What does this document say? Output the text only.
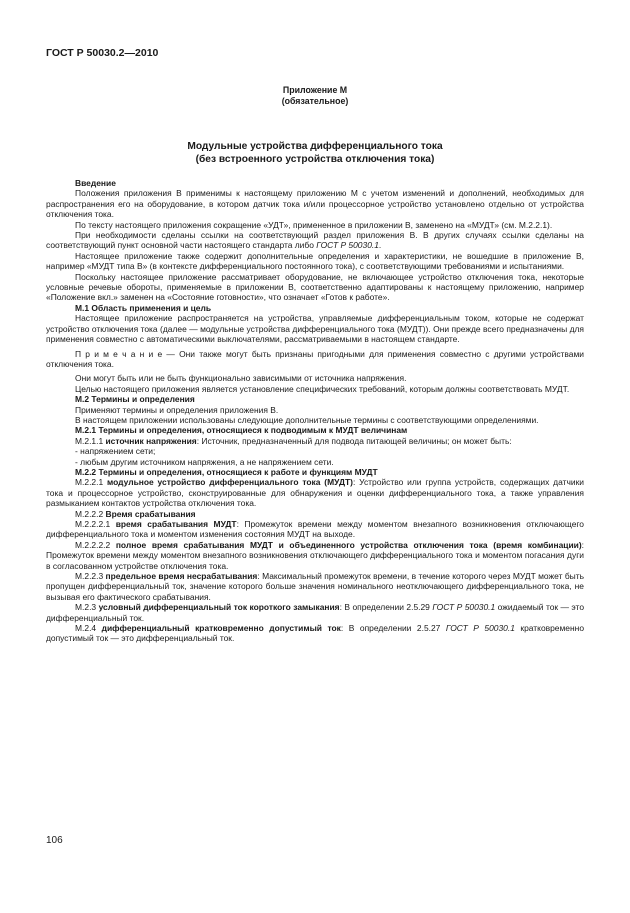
ГОСТ Р 50030.2—2010
Приложение М
(обязательное)
Модульные устройства дифференциального тока
(без встроенного устройства отключения тока)

Введение

Положения приложения В применимы к настоящему приложению М с учетом изменений и дополнений, необходимых для распространения его на оборудование, в котором датчик тока и/или процессорное устройство установлено отдельно от устройства отключения тока.

По тексту настоящего приложения сокращение «УДТ», примененное в приложении В, заменено на «МУДТ» (см. М.2.2.1).

При необходимости сделаны ссылки на соответствующий раздел приложения В. В других случаях ссылки сделаны на соответствующий пункт основной части настоящего стандарта либо ГОСТ Р 50030.1.

Настоящее приложение также содержит дополнительные определения и характеристики, не вошедшие в приложение В, например «МУДТ типа В» (в контексте дифференциального постоянного тока), с соответствующими требованиями и испытаниями.

Поскольку настоящее приложение рассматривает оборудование, не включающее устройство отключения тока, некоторые условные речевые обороты, применяемые в приложении В, соответственно адаптированы к настоящему приложению, например «Положение вкл.» заменен на «Состояние готовности», что означает «Готов к работе».

М.1 Область применения и цель

Настоящее приложение распространяется на устройства, управляемые дифференциальным током, которые не содержат устройство отключения тока (далее — модульные устройства дифференциального тока (МУДТ)). Они прежде всего предназначены для применения совместно с автоматическими выключателями, рассматриваемыми в настоящем стандарте.

П р и м е ч а н и е — Они также могут быть признаны пригодными для применения совместно с другими устройствами отключения тока.

Они могут быть или не быть функционально зависимыми от источника напряжения.

Целью настоящего приложения является установление специфических требований, которым должны соответствовать МУДТ.

М.2 Термины и определения

Применяют термины и определения приложения В.

В настоящем приложении использованы следующие дополнительные термины с соответствующими определениями.

М.2.1 Термины и определения, относящиеся к подводимым к МУДТ величинам

М.2.1.1 источник напряжения: Источник, предназначенный для подвода питающей величины; он может быть:

- напряжением сети;

- любым другим источником напряжения, а не напряжением сети.

М.2.2 Термины и определения, относящиеся к работе и функциям МУДТ

М.2.2.1 модульное устройство дифференциального тока (МУДТ): Устройство или группа устройств, содержащих датчики тока и процессорное устройство, сконструированные для обнаружения и оценки дифференциального тока, а также управления размыканием контактов устройства отключения тока.

М.2.2.2 Время срабатывания

М.2.2.2.1 время срабатывания МУДТ: Промежуток времени между моментом внезапного возникновения отключающего дифференциального тока и моментом изменения состояния МУДТ на выходе.

М.2.2.2.2 полное время срабатывания МУДТ и объединенного устройства отключения тока (время комбинации): Промежуток времени между моментом внезапного возникновения отключающего дифференциального тока и моментом погасания дуги в согласованном устройстве отключения тока.

М.2.2.3 предельное время несрабатывания: Максимальный промежуток времени, в течение которого через МУДТ может быть пропущен дифференциальный ток, значение которого больше значения номинального неотключающего дифференциального тока, не вызывая его фактического срабатывания.

М.2.3 условный дифференциальный ток короткого замыкания: В определении 2.5.29 ГОСТ Р 50030.1 ожидаемый ток — это дифференциальный ток.

М.2.4 дифференциальный кратковременно допустимый ток: В определении 2.5.27 ГОСТ Р 50030.1 кратковременно допустимый ток — это дифференциальный ток.

106
